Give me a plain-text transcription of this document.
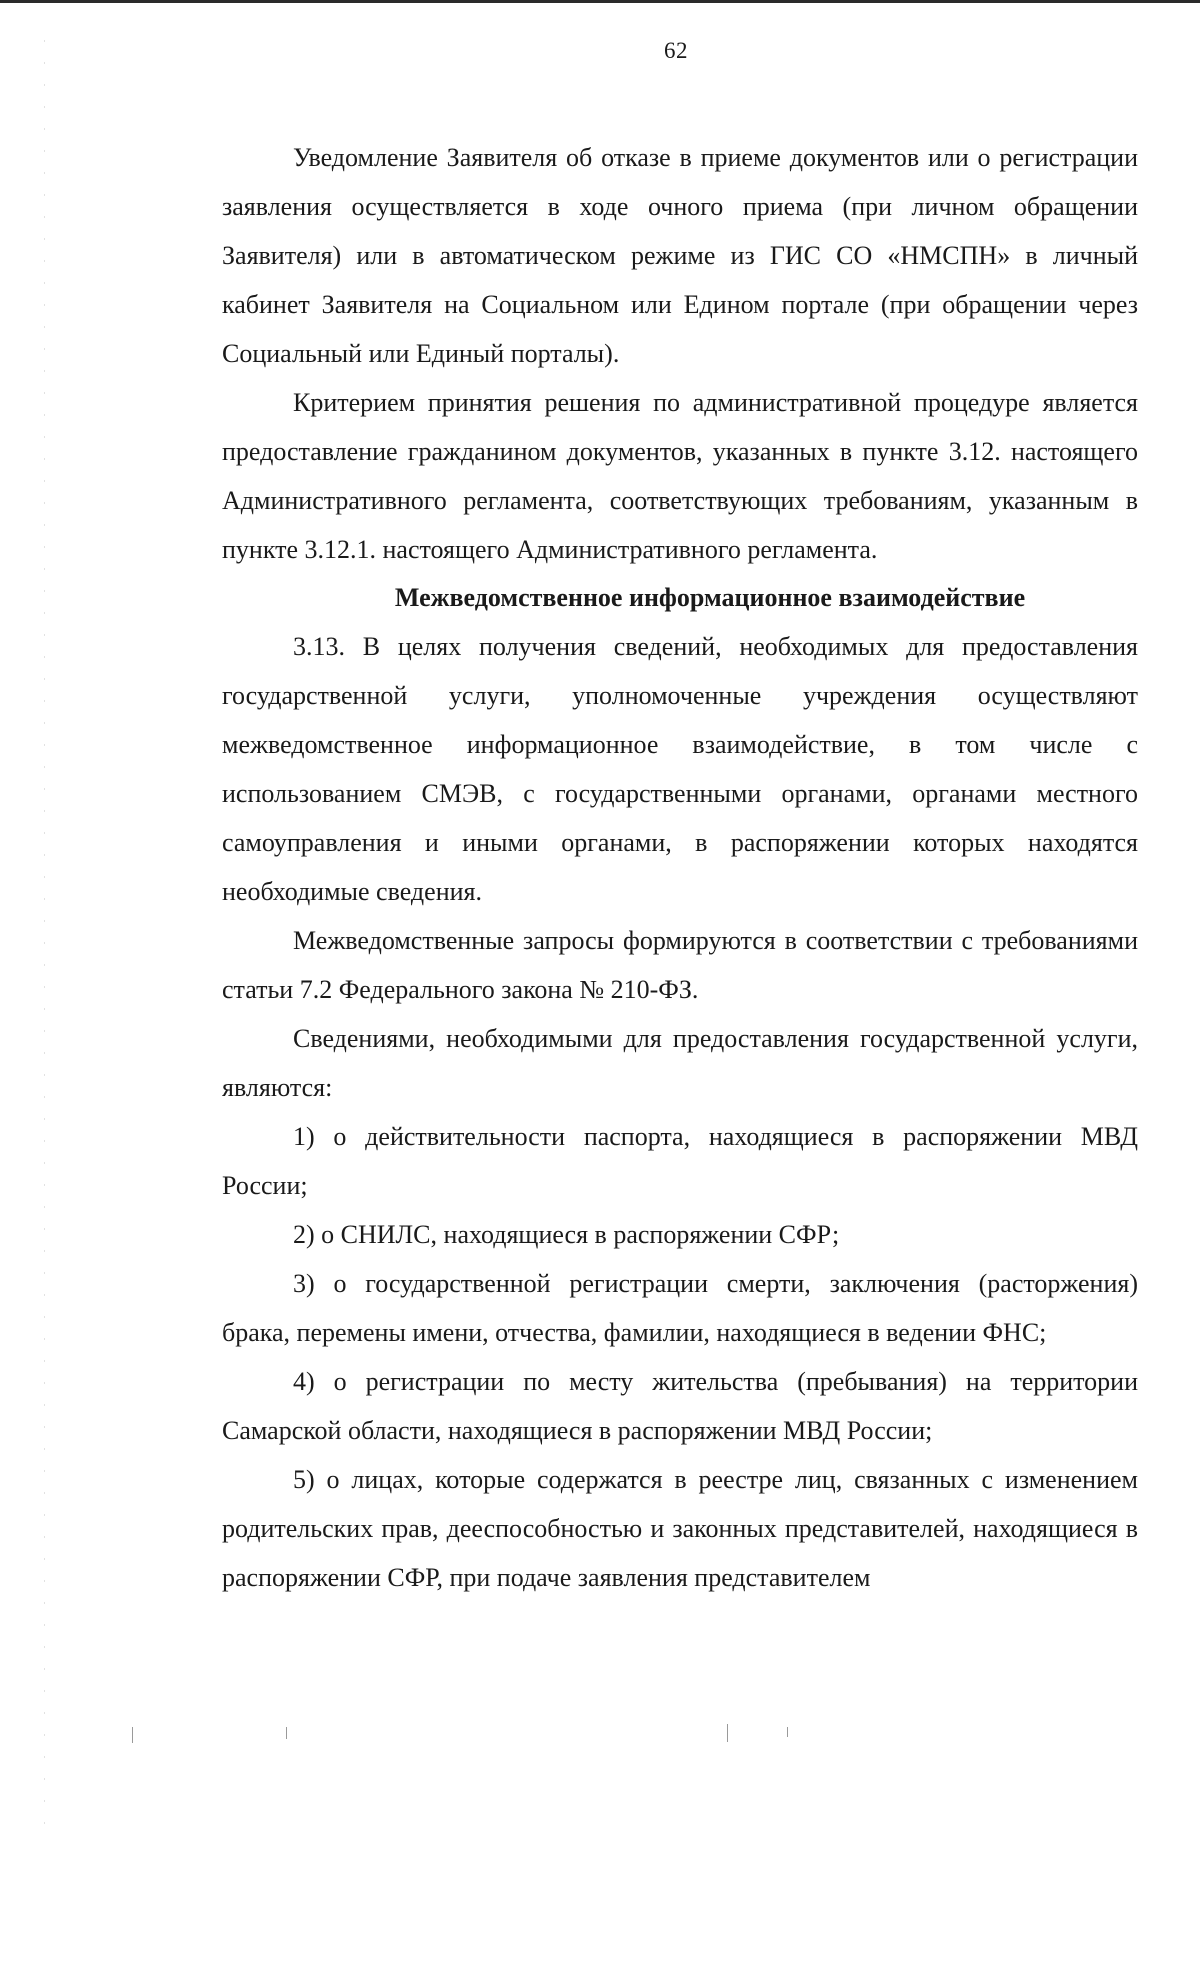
62

Уведомление Заявителя об отказе в приеме документов или о регистрации заявления осуществляется в ходе очного приема (при личном обращении Заявителя) или в автоматическом режиме из ГИС СО «НМСПН» в личный кабинет Заявителя на Социальном или Едином портале (при обращении через Социальный или Единый порталы).

Критерием принятия решения по административной процедуре является предоставление гражданином документов, указанных в пункте 3.12. настоящего Административного регламента, соответствующих требованиям, указанным в пункте 3.12.1. настоящего Административного регламента.

Межведомственное информационное взаимодействие

3.13. В целях получения сведений, необходимых для предоставления государственной услуги, уполномоченные учреждения осуществляют межведомственное информационное взаимодействие, в том числе с использованием СМЭВ, с государственными органами, органами местного самоуправления и иными органами, в распоряжении которых находятся необходимые сведения.

Межведомственные запросы формируются в соответствии с требованиями статьи 7.2 Федерального закона № 210-ФЗ.

Сведениями, необходимыми для предоставления государственной услуги, являются:

1) о действительности паспорта, находящиеся в распоряжении МВД России;

2) о СНИЛС, находящиеся в распоряжении СФР;

3) о государственной регистрации смерти, заключения (расторжения) брака, перемены имени, отчества, фамилии, находящиеся в ведении ФНС;

4) о регистрации по месту жительства (пребывания) на территории Самарской области, находящиеся в распоряжении МВД России;

5) о лицах, которые содержатся в реестре лиц, связанных с изменением родительских прав, дееспособностью и законных представителей, находящиеся в распоряжении СФР, при подаче заявления представителем
